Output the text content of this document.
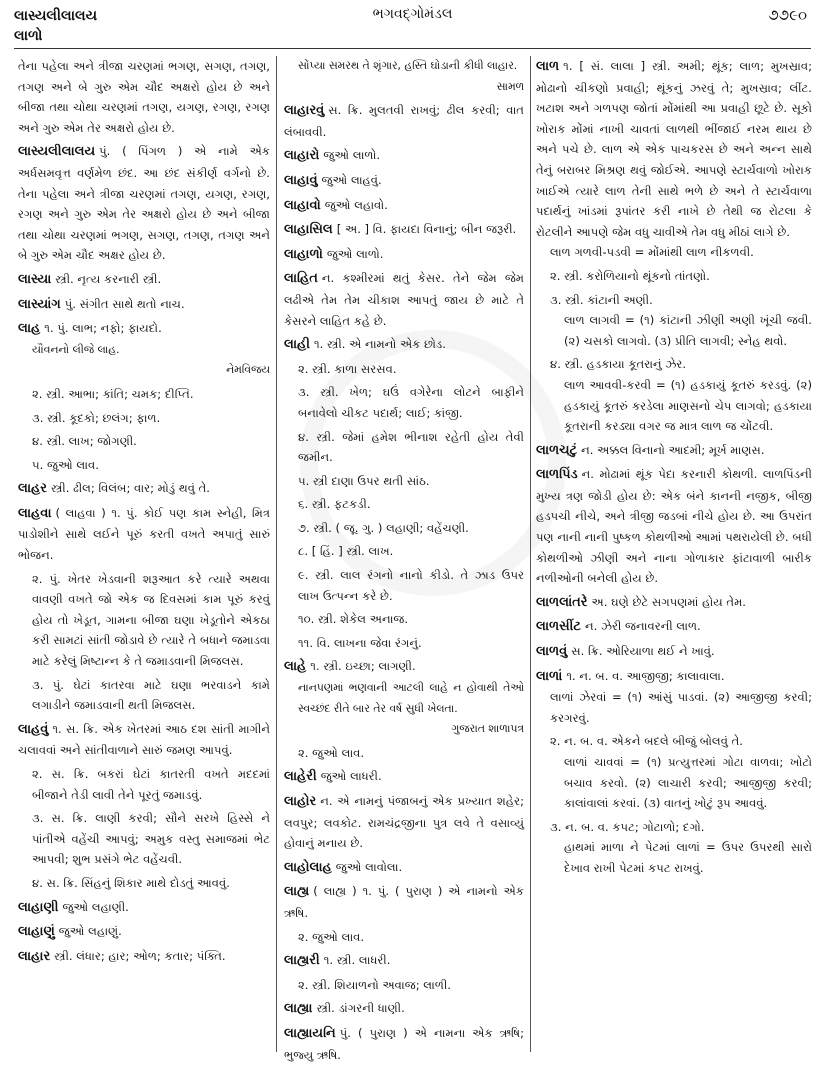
લાસ્યલીલાલય
લાળો
ભગવદ્ગોમંડલ	૭૭૯૦
તેના પહેલા અને ત્રીજા ચરણમાં ભગણ, સગણ, તગણ, તગણ અને બે ગુરુ એમ ચૌદ અક્ષરો હોય છે અને બીજા તથા ચોથા ચરણમાં તગણ, યગણ, રગણ, રગણ અને ગુરુ એમ તેર અક્ષરો હોય છે.
લાસ્યલીલાલય પું. ( પિંગળ ) એ નામે એક અર્ધસમવૃત્ત વર્ણમેળ છંદ. આ છંદ સંકીર્ણ વર્ગનો છે. તેના પહેલા અને ત્રીજા ચરણમાં તગણ, યગણ, રગણ, રગણ અને ગુરુ એમ તેર અક્ષરો હોય છે અને બીજા તથા ચોથા ચરણમાં ભગણ, સગણ, તગણ, તગણ અને બે ગુરુ એમ ચૌદ અક્ષર હોય છે.
લાસ્યા સ્ત્રી. નૃત્ય કરનારી સ્ત્રી.
લાસ્યાંગ પું. સંગીત સાથે થતો નાચ.
લાહ ૧. પું. લાભ; નફો; ફાયદો.
યૌવનનો લીજે લાહ.
નેમવિજય
૨. સ્ત્રી. આભા; કાંતિ; ચમક; દીપ્તિ.
૩. સ્ત્રી. કૂદકો; છલંગ; ફાળ.
૪. સ્ત્રી. લાખ; જોગણી.
૫. જુઓ લાવ.
લાહર સ્ત્રી. ઢીલ; વિલંબ; વાર; મોડું થવું તે.
લાહવા ( લાહવા ) ૧. પું. કોઈ પણ કામ સ્નેહી, મિત્ર પાડોશીને સાથે લઈને પૂરું કરતી વખતે અપાતું સારું ભોજન.
૨. પું. ખેતર ખેડવાની શરૂઆત કરે ત્યારે અથવા વાવણી વખતે જો એક જ દિવસમાં કામ પૂરું કરવું હોય તો ખેડૂત, ગામના બીજા ઘણા ખેડૂતોને એકઠા કરી સામટાં સાંતી જોડાવે છે ત્યારે તે બધાને જમાડવા માટે કરેલું મિષ્ટાન્ન કે તે જમાડવાની મિજલસ.
૩. પું. ઘેટાં કાતરવા માટે ઘણા ભરવાડને કામે લગાડીને જમાડવાની થતી મિજલસ.
લાહવું ૧. સ. ક્રિ. એક ખેતરમાં આઠ દશ સાંતી માગીને ચલાવવાં અને સાંતીવાળાને સારું જમણ આપવું.
૨. સ. ક્રિ. બકરાં ઘેટાં કાતરતી વખતે મદદમાં બીજાને તેડી લાવી તેને પૂરતું જમાડવું.
૩. સ. ક્રિ. લાણી કરવી; સૌને સરખે હિસ્સે ને પાંતીએ વહેંચી આપવું; અમુક વસ્તુ સમાજમાં ભેટ આપવી; શુભ પ્રસંગે ભેટ વહેંચવી.
૪. સ. ક્રિ. સિંહનું શિકાર માથે દોડતું આવવું.
લાહાણી જુઓ લહાણી.
લાહાણું જુઓ લહાણું.
લાહાર સ્ત્રી. લંધાર; હાર; ઓળ; કતાર; પંક્તિ.
સોંપ્યા સમરથ તે શૃંગાર, હસ્તિ ઘોડાની કીધી લાહાર.
સામળ
લાહારવું સ. ક્રિ. મુલતવી રાખવું; ઢીલ કરવી; વાત લંબાવવી.
લાહારો જુઓ લાળો.
લાહાવું જુઓ લાહવું.
લાહાવો જુઓ લહાવો.
લાહાસિલ [ અ. ] વિ. ફાયદા વિનાનું; બીન જરૂરી.
લાહાળો જુઓ લાળો.
લાહિત ન. કશ્મીરમાં થતું કેસર. તેને જેમ જેમ લઢીએ તેમ તેમ ચીકાશ આપતું જાય છે માટે તે કેસરને લાહિત કહે છે.
લાહી ૧. સ્ત્રી. એ નામનો એક છોડ.
૨. સ્ત્રી. કાળા સરસવ.
૩. સ્ત્રી. ખેળ; ઘઉં વગેરેના લોટને બાફીને બનાવેલો ચીકટ પદાર્થ; લાઈ; કાંજી.
૪. સ્ત્રી. જેમાં હમેશ ભીનાશ રહેતી હોય તેવી જમીન.
૫. સ્ત્રી દાણા ઉપર થતી સાંઠ.
૬. સ્ત્રી. ફટકડી.
૭. સ્ત્રી. ( જૂ. ગુ. ) લહાણી; વહેંચણી.
૮. [ હિં. ] સ્ત્રી. લાખ.
૯. સ્ત્રી. લાલ રંગનો નાનો કીડો. તે ઝાડ ઉપર લાખ ઉત્પન્ન કરે છે.
૧૦. સ્ત્રી. શેકેલ અનાજ.
૧૧. વિ. લાખના જેવા રંગનું.
લાહે ૧. સ્ત્રી. ઇચ્છા; લાગણી.
નાનપણમાં ભણવાની આટલી લાહે ન હોવાથી તેઓ સ્વચ્છંદ રીતે બાર તેર વર્ષ સુધી ખેલતા.
ગુજરાત શાળાપત્ર
૨. જુઓ લાવ.
લાહેરી જુઓ લાધરી.
લાહોર ન. એ નામનું પંજાબનું એક પ્રખ્યાત શહેર; લવપુર; લવકોટ. રામચંદ્રજીના પુત્ર લવે તે વસાવ્યું હોવાનું મનાય છે.
લાહોલાહ જુઓ લાવોલા.
લાહ્ય ( લાહ્ય ) ૧. પું. ( પુરાણ ) એ નામનો એક ઋષિ.
૨. જુઓ લાવ.
લાહ્યરી ૧. સ્ત્રી. લાધરી.
૨. સ્ત્રી. શિયાળનો અવાજ; લાળી.
લાહ્યા સ્ત્રી. ડાંગરની ધાણી.
લાહ્યાયનિ પું. ( પુરાણ ) એ નામના એક ઋષિ; ભુજ્યુ ઋષિ.
લાળ ૧. [ સં. લાલા ] સ્ત્રી. અમી; થૂંક; લાળ; મુખસ્રાવ; મોઢાનો ચીકણો પ્રવાહી; થૂંકનું ઝરવું તે; મુખસ્રાવ; લીંટ. ખટાશ અને ગળપણ જોતાં મોંમાંથી આ પ્રવાહી છૂટે છે. સૂકો ખોરાક મોંમાં નાખી ચાવતાં લાળથી ભીંજાઈ નરમ થાય છે અને પચે છે. લાળ એ એક પાચકરસ છે અને અન્ન સાથે તેનું બરાબર મિશ્રણ થવું જોઈએ. આપણે સ્ટાર્ચવાળો ખોરાક ખાઈએ ત્યારે લાળ તેની સાથે ભળે છે અને તે સ્ટાર્ચવાળા પદાર્થનું ખાંડમાં રૂપાંતર કરી નાખે છે તેથી જ રોટલા કે રોટલીને આપણે જેમ વધુ ચાવીએ તેમ વધુ મીઠાં લાગે છે.
લાળ ગળવી-પડવી = મોંમાંથી લાળ નીકળવી.
૨. સ્ત્રી. કરોળિયાનો થૂંકનો તાંતણો.
૩. સ્ત્રી. કાંટાની અણી.
લાળ લાગવી = (૧) કાંટાની ઝીણી અણી ખૂંચી જવી. (૨) ચસકો લાગવો. (૩) પ્રીતિ લાગવી; સ્નેહ થવો.
૪. સ્ત્રી. હડકાયા કૂતરાનું ઝેર.
લાળ આવવી-કરવી = (૧) હડકાયું કૂતરું કરડવું. (૨) હડકાયું કૂતરું કરડેલા માણસનો ચેપ લાગવો; હડકાયા કૂતરાની કરડ્યા વગર જ માત્ર લાળ જ ચોંટવી.
લાળચટું ન. અક્કલ વિનાનો આદમી; મૂર્ખ માણસ.
લાળપિંડ ન. મોઢામાં થૂંક પેદા કરનારી કોથળી. લાળપિંડની મુખ્ય ત્રણ જોડી હોય છે: એક બંને કાનની નજીક, બીજી હડપચી નીચે, અને ત્રીજી જડબાં નીચે હોય છે. આ ઉપરાંત પણ નાની નાની પુષ્કળ કોથળીઓ આમાં પથરાયેલી છે. બધી કોથળીઓ ઝીણી અને નાના ગોળાકાર ફાંટાવાળી બારીક નળીઓની બનેલી હોય છે.
લાળલાંતરે અ. ઘણે છેટે સગપણમાં હોય તેમ.
લાળસીંટ ન. ઝેરી જનાવરની લાળ.
લાળવું સ. ક્રિ. ઓરિયાળા થઈ ને ખાવું.
લાળાં ૧. ન. બ. વ. આજીજી; કાલાવાલા.
લાળાં ઝેરવાં = (૧) આંસું પાડવાં. (૨) આજીજી કરવી; કરગરવું.
૨. ન. બ. વ. એકને બદલે બીજું બોલવું તે.
લાળાં ચાવવાં = (૧) પ્રત્યુત્તરમાં ગોટા વાળવા; ખોટો બચાવ કરવો. (૨) લાચારી કરવી; આજીજી કરવી; કાલાંવાલાં કરવાં. (૩) વાતનું ખોટું રૂપ આવવું.
૩. ન. બ. વ. કપટ; ગોટાળો; દગો.
હાથમાં માળા ને પેટમાં લાળાં = ઉપર ઉપરથી સારો દેખાવ રાખી પેટમાં કપટ રાખવું.
